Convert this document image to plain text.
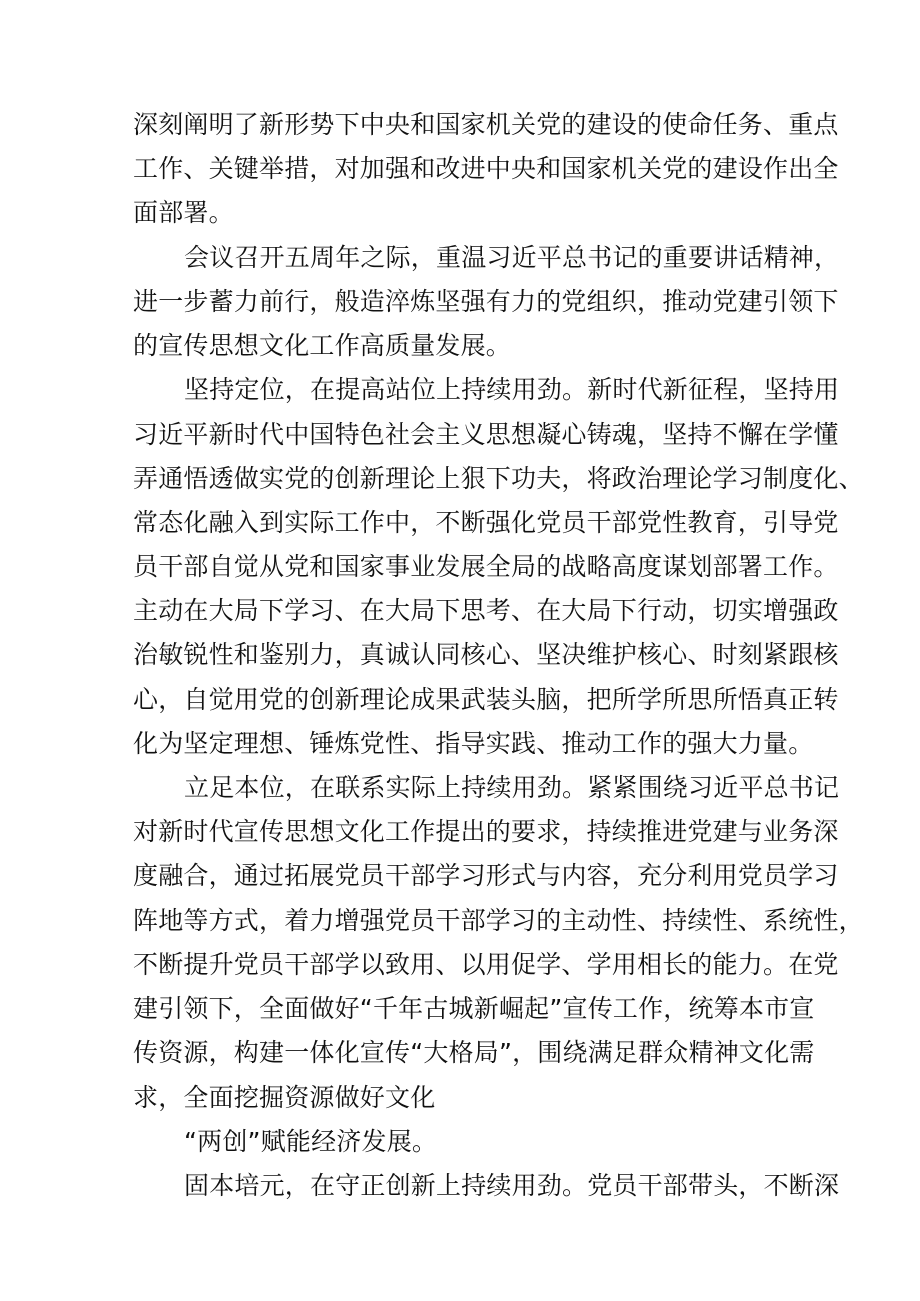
深刻阐明了新形势下中央和国家机关党的建设的使命任务、重点
工作、关键举措，对加强和改进中央和国家机关党的建设作出全
面部署。
会议召开五周年之际，重温习近平总书记的重要讲话精神，
进一步蓄力前行，般造淬炼坚强有力的党组织，推动党建引领下
的宣传思想文化工作高质量发展。
坚持定位，在提高站位上持续用劲。新时代新征程，坚持用
习近平新时代中国特色社会主义思想凝心铸魂，坚持不懈在学懂
弄通悟透做实党的创新理论上狠下功夫，将政治理论学习制度化、
常态化融入到实际工作中，不断强化党员干部党性教育，引导党
员干部自觉从党和国家事业发展全局的战略高度谋划部署工作。
主动在大局下学习、在大局下思考、在大局下行动，切实增强政
治敏锐性和鉴别力，真诚认同核心、坚决维护核心、时刻紧跟核
心，自觉用党的创新理论成果武装头脑，把所学所思所悟真正转
化为坚定理想、锤炼党性、指导实践、推动工作的强大力量。
立足本位，在联系实际上持续用劲。紧紧围绕习近平总书记
对新时代宣传思想文化工作提出的要求，持续推进党建与业务深
度融合，通过拓展党员干部学习形式与内容，充分利用党员学习
阵地等方式，着力增强党员干部学习的主动性、持续性、系统性，
不断提升党员干部学以致用、以用促学、学用相长的能力。在党
建引领下，全面做好“千年古城新崛起”宣传工作，统筹本市宣
传资源，构建一体化宣传“大格局”，围绕满足群众精神文化需
求，全面挖掘资源做好文化
“两创”赋能经济发展。
固本培元，在守正创新上持续用劲。党员干部带头，不断深
